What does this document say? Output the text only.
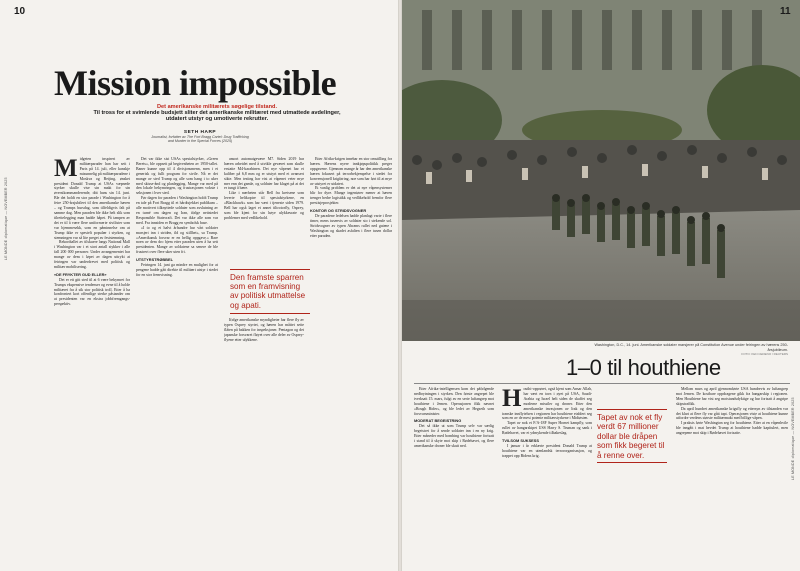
10
LE MONDE diplomatique — NOVEMBER 2025
Mission impossible
Det amerikanske militærets søgelige tilstand.
Til tross for et svimlende budsjett sliter det amerikanske militæret med utmattede avdelinger, utdatert utstyr og umotiverte rekrutter.
SETH HARP
Journalist, forfatter av The Fort Bragg Cartel: Drug Trafficking and Murder in the Special Forces (2025)
M idgeten inspirert av militærparader han har sett i Paris på 14. juli, eller kanskje misunnelig på militærparadene i Moskva og Beijing, ønsket president Donald Trump at USAs væpnede styrker skulle vise sin makt for sin øverstkommanderende, ditt hans sin 14. juni. Ble det holdt en stor parade i Washington for å feire 250-årsjubileet til den amerikanske hæren – og Trumps bursdag, som tilfeldigvis falt på samme dag. Men paraden ble ikke helt slik som tilrettelegging man hadde håpet. På tampen av det er til å være flere uniformerte sivilister som var hjemmesekk, som en påminnelse om at Trump ikke er spesielt populær i styrken, og stemningen var så lite preget av feststemning.

Rekordtallet av tilskuere langs National Mall i Washington var i et stort antall stykker i alle fall 200 000 personer. Under arrangementet har mange av dem i løpet av dagen uttrykt at feiringen var underdrevet med politisk og militær mobilisering.

«DE FRYKTER GUD ELLER»

Det er ett gitt sted til at 6 være bekymret for Trumps ekspensive tendenser og evne til å holde militæret fra å sik stor politisk troll. Etter å ha konfrontert kort offentlige sterke påstander om at presidenten var en ekstra jobbfremgangs-perspektiv.

Det var ikke sist USAs spesialstyrker, «Green Berets», ble oppsett på begivenheten av 1950-tallet. Baner kunne opp til 4 divisjonsmenn, men i et generisk og fullt program for sivile. Nå er det mange av sted Trump og alle som hang i to uker med skisse-ånd og planlegging. Mange var med på den lokale bekymringen, og frustrasjonen vokste i seksjonen i hver sted.

Før dagen for paraden i Washington holdt Trump en tale på Fort Bragg til et hårdtsjekket publikum – alle motivert tilknyttede soldater som avslutning av en turné om dagen og Iran, ifølge nettstedet Responsible Statecraft. Det var ikke alle som var med. Fra innsiden er Bragg en symbolsk base.

«I to og et halvt århundre har vårt soldater marsjert inn i striden, ild og stillhet», sa Trump. «Amerikansk forsvar er en hellig oppgave.» Bare noen av dem dro hjem etter paraden uten å ha sett presidenten. Mange av soldatene sa senere de ble frustrert over flere uker uten fri.

UTSTYRSTRØBBEL

Feiringen 14. juni ga mindre en mulighet for at pengene hadde gått direkte til militært utstyr i stedet for en stor fremvisning.

ansort automatgevære M7. Siden 2019 har hæren arbeidet med å utvikle geværet som skulle erstatte M4-karabinen. Det nye våpenet har et kaliber på 6,8 mm og er utstyrt med et avansert sikte. Men testing har vist at våpenet veier mye mer enn det gamle, og soldater har klaget på at det er tungt å bære.

Like i nærheten står Bell fra kretsene som leverte helikoptre til spesialstyrkene, en «Blackhawk» som har vært i tjeneste siden 1979. Bell har også laget et annet tiltrotorfly, Osprey, som ble kjent for sin høye ulykkesrate og problemer med vedlikehold.

Den framste sparren som en framvisning av politisk utmattelse og apati.

Ifølge amerikanske myndigheter har flere fly av typen Osprey styrtet, og hæren har måttet sette flåten på bakken for inspeksjoner. Pentagon og det japanske forsvaret fløyet over alle deler av Osprey-flyene etter ulykkene.

Etter Afrika-krigen innebar en stor omstilling for hæren. Hærens nyere innkjøpspolitikk preger oppgavene. Gjennom mange år har den amerikanske hæren fokusert på terrorbekjempelse i stedet for konvensjonell krigføring, noe som har ført til at mye av utstyret er utdatert.

Et vanlig problem er det at nye våpensystemer blir for dyre. Mange ingeniører mener at hæren trenger bedre logistikk og vedlikehold fremfor flere prestisjeprosjekter.

KONTOR OG STRIDSVOGNER

De paradene ledelsen hadde planlagt varte i flere timer, mens tusenvis av soldater sto i stekende sol. Stridsvogner av typen Abrams rullet ned gatene i Washington og skadet asfalten i flere tusen dollar etter paraden.

11
LE MONDE diplomatique — NOVEMBER 2025
Washington, D.C., 14. juni. Amerikanske soldater marsjerer på Constitution Avenue under feiringen av hærens 250-årsjubileum.
FOTO: KEN CEDENO / REUTERS
1–0 til houthiene

Etter Afrika-intelligensen kom det påfølgende nedbrytningen i styrken. Den første angrepet ble iverksatt 15. mars, fulgt av en serie luftangrep mot houthiene i Jemen. Operasjonen fikk navnet «Rough Rider», og ble ledet av Hegseth som forsvarsminister.

MODERAT BEGEISTRING

Det så ikke ut som Trump selv var særlig begeistret for å sende soldater inn i en ny krig. Etter måneder med bombing var houthiene fortsatt i stand til å skyte mot skip i Rødehavet, og flere amerikanske droner ble skutt ned.

H outhi-opprøret, også kjent som Ansar Allah, har vært en torn i øyet på USA, Saudi-Arabia og Israel helt siden de skaffet seg moderne missiler og droner. Etter den amerikanske invasjonen av Irak og den iranske innflytelsen i regionen har houthiene etablert seg som en av de mest potente militærstyrkene i Midtøsten.

Tapet av nok et F/A-18F Super Hornet kampfly, som rullet av hangarskipet USS Harry S. Truman og sank i Rødehavet, var et ydmykende tilbakeslag.

TVILSOM SUKSESS

I januar i år erklærte president Donald Trump at houthiene var en utenlandsk terrororganisasjon, og trappet opp Bidens krig.

Tapet av nok et fly verdt 67 millioner dollar ble dråpen som fikk begeret til å renne over.

Mellom mars og april gjennomførte USA hundrevis av luftangrep mot Jemen. De kostbare oppdragene gikk fra hangarskip i regionen. Men Houthiene har vist seg motstandsdyktige og har fortsatt å angripe skipstrafikk.

Da april hundret amerikanske krigsfly og ettersyn av tilstanden var det klart at flere fly var gått tapt. Operasjonen viste at houthiene kunne utfordre verdens største militærmakt med billige våpen.

I praksis førte Washington seg for houthiene. Etter at en våpenhvile ble inngått i mai hevdet Trump at houthiene hadde kapitulert, men angrepene mot skip i Rødehavet fortsatte.
